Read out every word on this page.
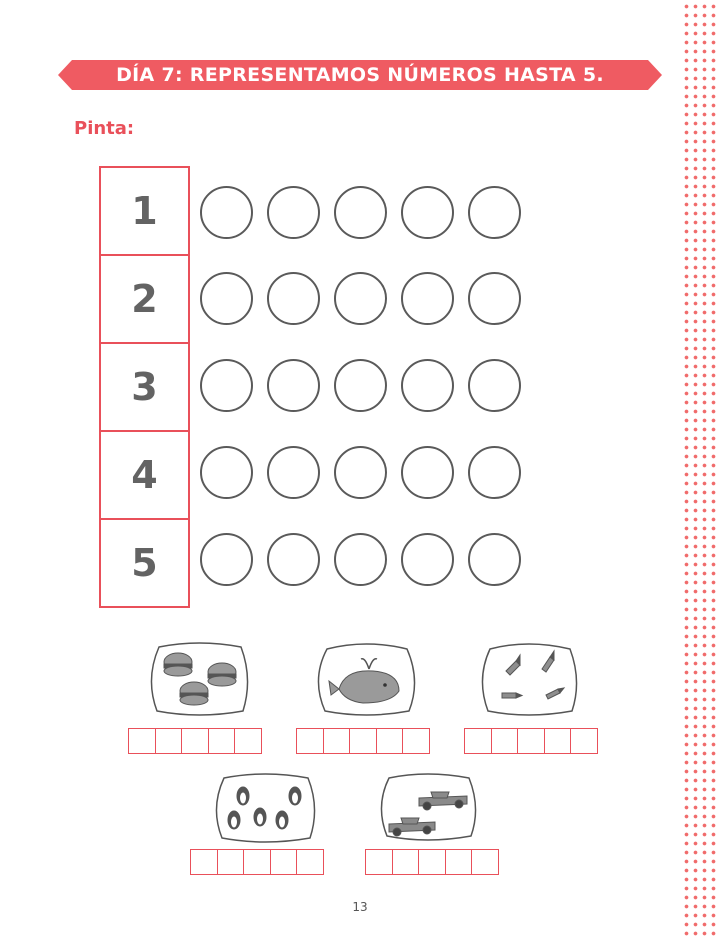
DÍA 7: REPRESENTAMOS NÚMEROS HASTA 5.
Pinta:
1
2
3
4
5
13
